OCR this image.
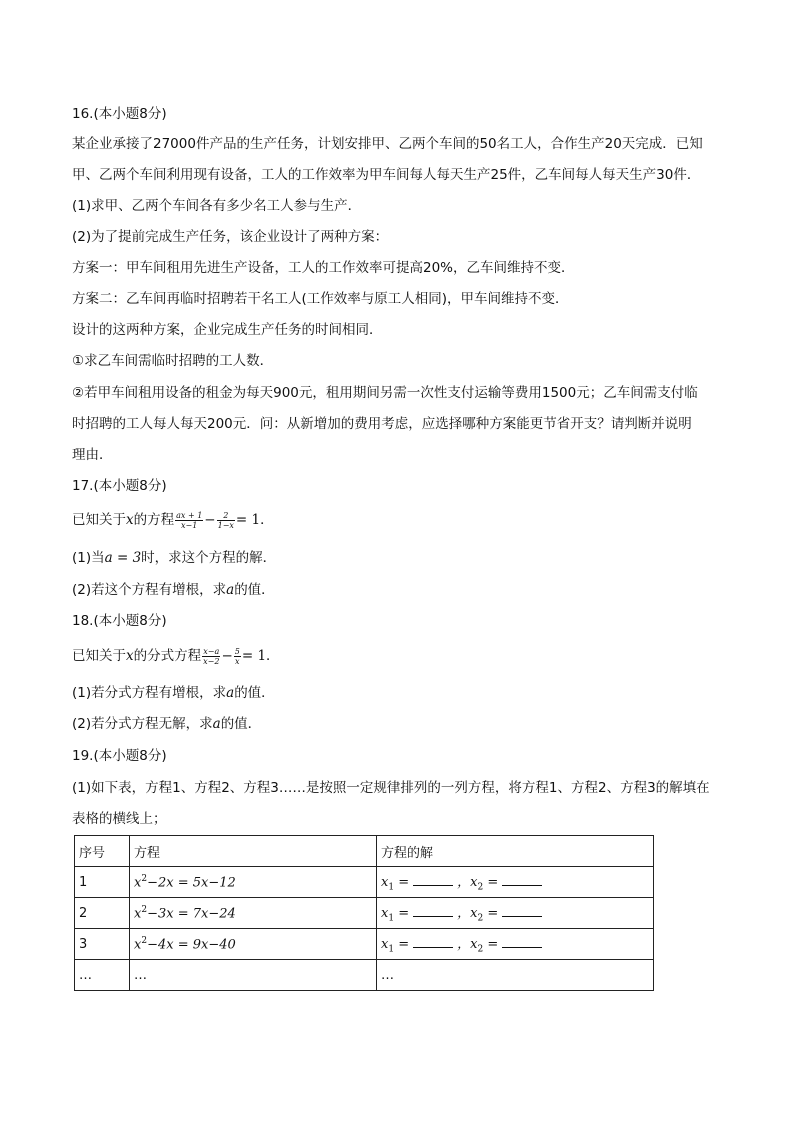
16.(本小题8分)
某企业承接了27000件产品的生产任务，计划安排甲、乙两个车间的50名工人，合作生产20天完成．已知
甲、乙两个车间利用现有设备，工人的工作效率为甲车间每人每天生产25件，乙车间每人每天生产30件．
(1)求甲、乙两个车间各有多少名工人参与生产．
(2)为了提前完成生产任务，该企业设计了两种方案：
方案一：甲车间租用先进生产设备，工人的工作效率可提高20%，乙车间维持不变．
方案二：乙车间再临时招聘若干名工人(工作效率与原工人相同)，甲车间维持不变．
设计的这两种方案，企业完成生产任务的时间相同．
①求乙车间需临时招聘的工人数．
②若甲车间租用设备的租金为每天900元，租用期间另需一次性支付运输等费用1500元；乙车间需支付临
时招聘的工人每人每天200元．问：从新增加的费用考虑，应选择哪种方案能更节省开支？请判断并说明
理由．
17.(本小题8分)
已知关于x的方程 $\frac{ax + 1}{x-1} - \frac{2}{1-x} = 1$．
(1)当a = 3时，求这个方程的解．
(2)若这个方程有增根，求a的值．
18.(本小题8分)
已知关于x的分式方程 $\frac{x-a}{x-2} - \frac{5}{x} = 1$．
(1)若分式方程有增根，求a的值．
(2)若分式方程无解，求a的值．
19.(本小题8分)
(1)如下表，方程1、方程2、方程3……是按照一定规律排列的一列方程，将方程1、方程2、方程3的解填在
表格的横线上；
序号	方程	方程的解
1	$x^2-2x = 5x-12$	$x_1$ = ，$x_2$ =
2	$x^2-3x = 7x-24$	$x_1$ = ，$x_2$ =
3	$x^2-4x = 9x-40$	$x_1$ = ，$x_2$ =
…	…	…
